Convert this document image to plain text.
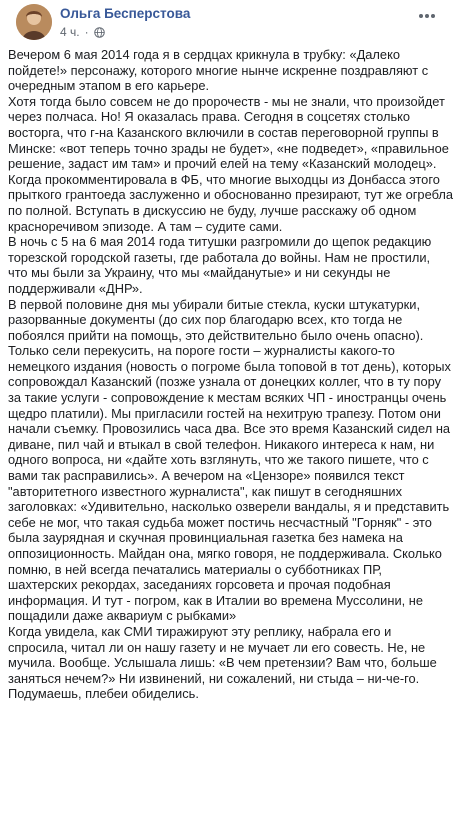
Ольга Бесперстова
4 ч. ·

Вечером 6 мая 2014 года я в сердцах крикнула в трубку: «Далеко пойдете!» персонажу, которого многие нынче искренне поздравляют с очередным этапом в его карьере.

Хотя тогда было совсем не до пророчеств - мы не знали, что произойдет через полчаса. Но! Я оказалась права. Сегодня в соцсетях столько восторга, что г-на Казанского включили в состав переговорной группы в Минске: «вот теперь точно зрады не будет», «не подведет», «правильное решение, задаст им там» и прочий елей на тему «Казанский молодец». Когда прокомментировала в ФБ, что многие выходцы из Донбасса этого прыткого грантоеда заслуженно и обоснованно презирают, тут же огребла по полной. Вступать в дискуссию не буду, лучше расскажу об одном красноречивом эпизоде. А там – судите сами.

В ночь с 5 на 6 мая 2014 года титушки разгромили до щепок редакцию торезской городской газеты, где работала до войны. Нам не простили, что мы были за Украину, что мы «майданутые» и ни секунды не поддерживали «ДНР».

В первой половине дня мы убирали битые стекла, куски штукатурки, разорванные документы (до сих пор благодарю всех, кто тогда не побоялся прийти на помощь, это действительно было очень опасно).

Только сели перекусить, на пороге гости – журналисты какого-то немецкого издания (новость о погроме была топовой в тот день), которых сопровождал Казанский (позже узнала от донецких коллег, что в ту пору за такие услуги - сопровождение к местам всяких ЧП - иностранцы очень щедро платили). Мы пригласили гостей на нехитрую трапезу. Потом они начали съемку. Провозились часа два. Все это время Казанский сидел на диване, пил чай и втыкал в свой телефон. Никакого интереса к нам, ни одного вопроса, ни «дайте хоть взглянуть, что же такого пишете, что с вами так расправились». А вечером на «Цензоре» появился текст "авторитетного известного журналиста", как пишут в сегодняшних заголовках: «Удивительно, насколько озверели вандалы, я и представить себе не мог, что такая судьба может постичь несчастный "Горняк" - это была заурядная и скучная провинциальная газетка без намека на оппозиционность. Майдан она, мягко говоря, не поддерживала. Сколько помню, в ней всегда печатались материалы о субботниках ПР, шахтерских рекордах, заседаниях горсовета и прочая подобная информация. И тут - погром, как в Италии во времена Муссолини, не пощадили даже аквариум с рыбками»

Когда увидела, как СМИ тиражируют эту реплику, набрала его и спросила, читал ли он нашу газету и не мучает ли его совесть. Не, не мучила. Вообще. Услышала лишь: «В чем претензии? Вам что, больше заняться нечем?» Ни извинений, ни сожалений, ни стыда – ни-че-го. Подумаешь, плебеи обиделись.
